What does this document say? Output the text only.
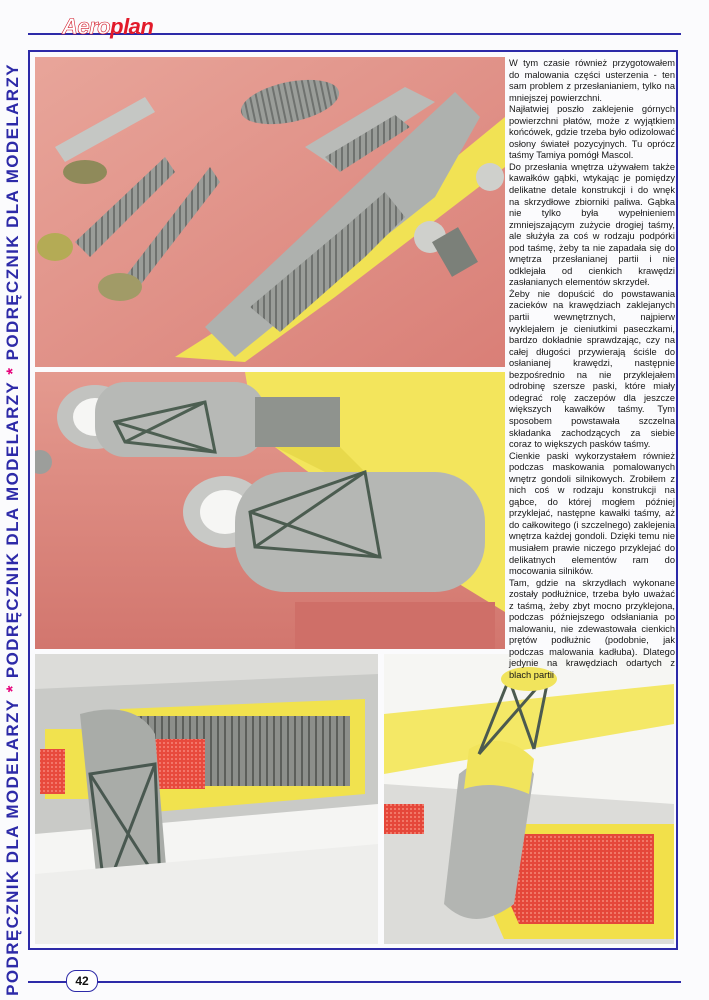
PODRĘCZNIK DLA MODELARZY * PODRĘCZNIK DLA MODELARZY * PODRĘCZNIK DLA MODELARZY
Aeroplan

W tym czasie również przygotowałem do malowania części usterzenia - ten sam problem z przesłanianiem, tylko na mniejszej powierzchni.

Najłatwiej poszło zaklejenie górnych powierzchni płatów, może z wyjątkiem końcówek, gdzie trzeba było odizolować osłony świateł pozycyjnych. Tu oprócz taśmy Tamiya pomógł Mascol.

Do przesłania wnętrza używałem także kawałków gąbki, wtykając je pomiędzy delikatne detale konstrukcji i do wnęk na skrzydłowe zbiorniki paliwa. Gąbka nie tylko była wypełnieniem zmniejszającym zużycie drogiej taśmy, ale służyła za coś w rodzaju podpórki pod taśmę, żeby ta nie zapadała się do wnętrza przesłanianej partii i nie odklejała od cienkich krawędzi zasłanianych elementów skrzydeł.

Żeby nie dopuścić do powstawania zacieków na krawędziach zaklejanych partii wewnętrznych, najpierw wyklejałem je cieniutkimi paseczkami, bardzo dokładnie sprawdzając, czy na całej długości przywierają ściśle do osłanianej krawędzi, następnie bezpośrednio na nie przyklejałem odrobinę szersze paski, które miały odegrać rolę zaczepów dla jeszcze większych kawałków taśmy. Tym sposobem powstawała szczelna składanka zachodzących za siebie coraz to większych pasków taśmy.

Cienkie paski wykorzystałem również podczas maskowania pomalowanych wnętrz gondoli silnikowych. Zrobiłem z nich coś w rodzaju konstrukcji na gąbce, do której mogłem później przyklejać, następne kawałki taśmy, aż do całkowitego (i szczelnego) zaklejenia wnętrza każdej gondoli. Dzięki temu nie musiałem prawie niczego przyklejać do delikatnych elementów ram do mocowania silników.

Tam, gdzie na skrzydłach wykonane zostały podłużnice, trzeba było uważać z taśmą, żeby zbyt mocno przyklejona, podczas późniejszego odsłaniania po malowaniu, nie zdewastowała cienkich prętów podłużnic (podobnie, jak podczas malowania kadłuba). Dlatego jedynie na krawędziach odartych z blach partii

42
